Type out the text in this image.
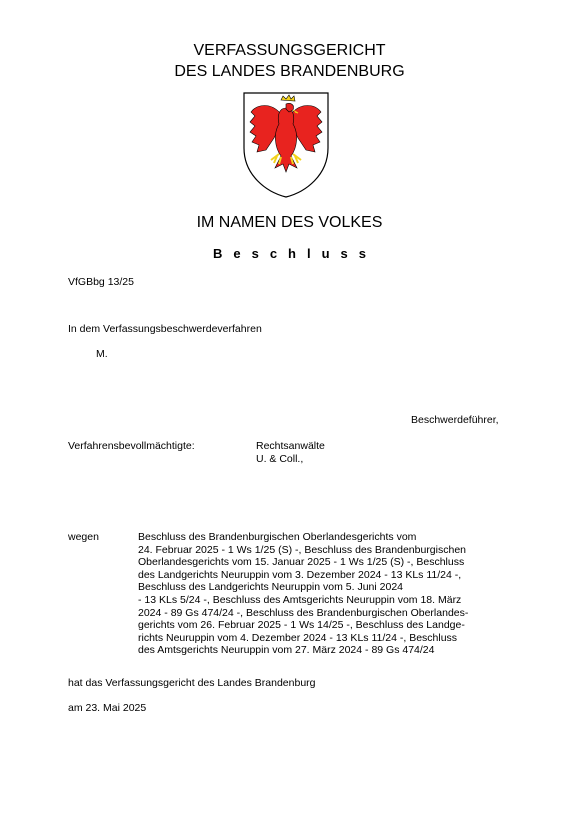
VERFASSUNGSGERICHT
DES LANDES BRANDENBURG
IM NAMEN DES VOLKES
Beschluss
VfGBbg 13/25
In dem Verfassungsbeschwerdeverfahren
M.
Beschwerdeführer,
Verfahrensbevollmächtigte:	Rechtsanwälte
U. & Coll.,
wegen	Beschluss des Brandenburgischen Oberlandesgerichts vom
24. Februar 2025 - 1 Ws 1/25 (S) -, Beschluss des Brandenburgischen
Oberlandesgerichts vom 15. Januar 2025 - 1 Ws 1/25 (S) -, Beschluss
des Landgerichts Neuruppin vom 3. Dezember 2024 - 13 KLs 11/24 -,
Beschluss des Landgerichts Neuruppin vom 5. Juni 2024
- 13 KLs 5/24 -, Beschluss des Amtsgerichts Neuruppin vom 18. März
2024 - 89 Gs 474/24 -, Beschluss des Brandenburgischen Oberlandes-
gerichts vom 26. Februar 2025 - 1 Ws 14/25 -, Beschluss des Landge-
richts Neuruppin vom 4. Dezember 2024 - 13 KLs 11/24 -, Beschluss
des Amtsgerichts Neuruppin vom 27. März 2024 - 89 Gs 474/24
hat das Verfassungsgericht des Landes Brandenburg
am 23. Mai 2025
